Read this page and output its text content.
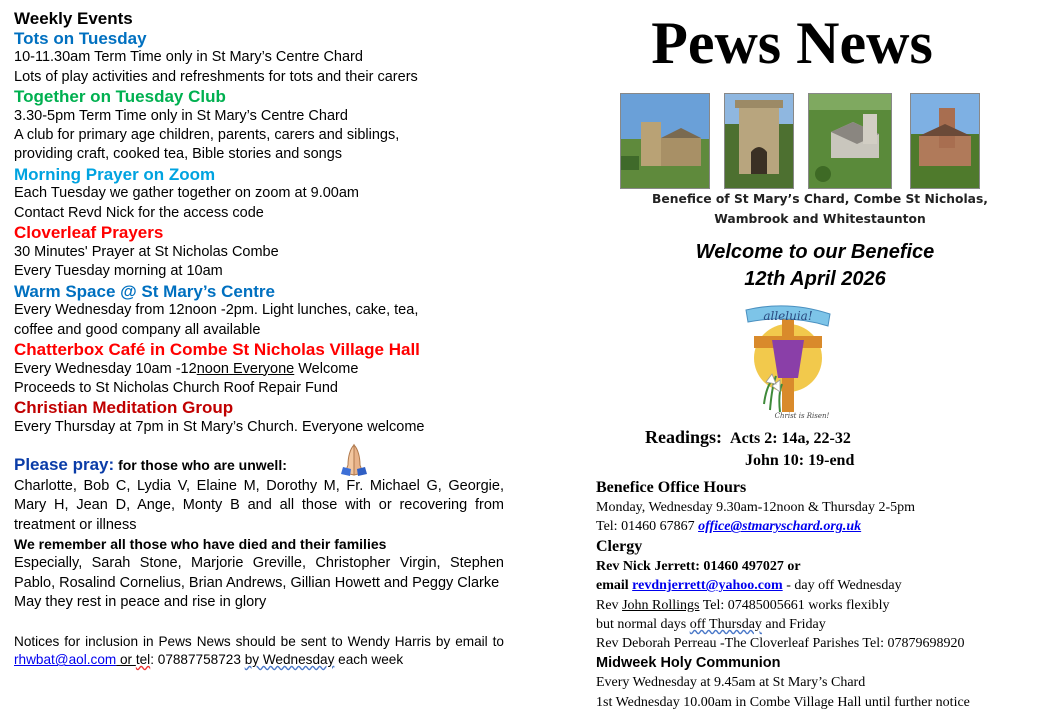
Weekly Events
Tots on Tuesday
10-11.30am Term Time only in St Mary’s Centre Chard
Lots of play activities and refreshments for tots and their carers
Together on Tuesday Club
3.30-5pm Term Time only in St Mary’s Centre Chard
A club for primary age children, parents, carers and siblings,
providing craft, cooked tea, Bible stories and songs
Morning Prayer on Zoom
Each Tuesday we gather together on zoom at 9.00am
Contact Revd Nick for the access code
Cloverleaf Prayers
30 Minutes' Prayer at St Nicholas Combe
Every Tuesday morning at 10am
Warm Space @ St Mary’s Centre
Every Wednesday from 12noon -2pm. Light lunches, cake, tea,
coffee and good company all available
Chatterbox Café in Combe St Nicholas Village Hall
Every Wednesday 10am -12noon Everyone Welcome
Proceeds to St Nicholas Church Roof Repair Fund
Christian Meditation Group
Every Thursday at 7pm in St Mary’s Church. Everyone welcome
Please pray: for those who are unwell:
Charlotte, Bob C, Lydia V, Elaine M, Dorothy M, Fr. Michael G, Georgie, Mary H, Jean D, Ange, Monty B and all those with or recovering from treatment or illness
We remember all those who have died and their families
Especially, Sarah Stone, Marjorie Greville, Christopher Virgin, Stephen Pablo, Rosalind Cornelius, Brian Andrews, Gillian Howett and Peggy Clarke
May they rest in peace and rise in glory
Notices for inclusion in Pews News should be sent to Wendy Harris by email to rhwbat@aol.com or tel: 07887758723 by Wednesday each week
Pews News
Benefice of St Mary’s Chard, Combe St Nicholas, Wambrook and Whitestaunton
Welcome to our Benefice
12th April 2026
alleluia!
Christ is Risen!
Readings: Acts 2: 14a, 22-32
John 10: 19-end
Benefice Office Hours
Monday, Wednesday 9.30am-12noon & Thursday 2-5pm
Tel: 01460 67867 office@stmaryschard.org.uk
Clergy
Rev Nick Jerrett: 01460 497027 or
email revdnjerrett@yahoo.com - day off Wednesday
Rev John Rollings Tel: 07485005661 works flexibly
but normal days off Thursday and Friday
Rev Deborah Perreau -The Cloverleaf Parishes Tel: 07879698920
Midweek Holy Communion
Every Wednesday at 9.45am at St Mary’s Chard
1st Wednesday 10.00am in Combe Village Hall until further notice
